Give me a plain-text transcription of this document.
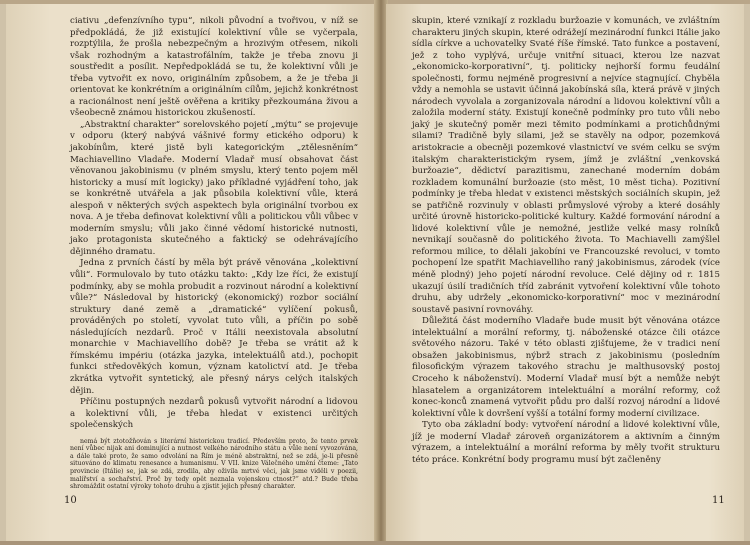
ciativu „defenzívního typu“, nikoli původní a tvořivou, v níž se předpokládá, že již existující kolektivní vůle se vyčerpala, rozptýlila, že prošla nebezpečným a hrozivým otřesem, nikoli však rozhodným a katastrofálním, takže je třeba znovu ji soustředit a posílit. Nepředpokládá se tu, že kolektivní vůli je třeba vytvořit ex novo, originálním způsobem, a že je třeba ji orientovat ke konkrétním a originálním cílům, jejichž konkrétnost a racionálnost není ještě ověřena a kritiky přezkoumána živou a všeobecně známou historickou zkušeností.

„Abstraktní charakter“ sorelovského pojetí „mýtu“ se projevuje v odporu (který nabývá vášnivé formy etického odporu) k jakobínům, které jistě byli kategorickým „ztělesněním“ Machiavellino Vladaře. Moderní Vladař musí obsahovat část věnovanou jakobinismu (v plném smyslu, který tento pojem měl historicky a musí mít logicky) jako příkladné vyjádření toho, jak se konkrétně utvářela a jak působila kolektivní vůle, která alespoň v některých svých aspektech byla originální tvorbou ex nova. A je třeba definovat kolektivní vůli a politickou vůli vůbec v moderním smyslu; vůli jako činné vědomí historické nutnosti, jako protagonista skutečného a faktický se odehrávajícího dějinného dramatu.

Jedna z prvních částí by měla být právě věnována „kolektivní vůli“. Formulovalo by tuto otázku takto: „Kdy lze říci, že existují podmínky, aby se mohla probudit a rozvinout národní a kolektivní vůle?“ Následoval by historický (ekonomický) rozbor sociální struktury dané země a „dramatické“ vylíčení pokusů, prováděných po století, vyvolat tuto vůli, a příčin po sobě následujících nezdarů. Proč v Itálii neexistovala absolutní monarchie v Machiavellího době? Je třeba se vrátit až k římskému impériu (otázka jazyka, intelektuálů atd.), pochopit funkci středověkých komun, význam katolictví atd. Je třeba zkrátka vytvořit syntetický, ale přesný nárys celých italských dějin.

Příčinu postupných nezdarů pokusů vytvořit národní a lidovou a kolektivní vůli, je třeba hledat v existenci určitých společenských

nemá být ztotožňován s literární historickou tradicí. Především proto, že tento prvek není vůbec nijak ani dominující a nutnost velkého národního státu a vůle není vyvozována, a dále také proto, že samo odvolání na Řím je méně abstraktní, než se zdá, je-li přesně situováno do klimatu renesance a humanismu. V VII. knize Válečného umění čteme: „Tato provincie (Itálie) se, jak se zdá, zrodila, aby oživila mrtvé věci, jak jsme viděli v poezii, malířství a sochařství. Proč by tedy opět neznala vojenskou ctnost?“ atd.? Bude třeba shromáždit ostatní výroky tohoto druhu a zjistit jejich přesný charakter.

10

skupin, které vznikají z rozkladu buržoazie v komunách, ve zvláštním charakteru jiných skupin, které odrážejí mezinárodní funkci Itálie jako sídla církve a uchovatelky Svaté říše římské. Tato funkce a postavení, jež z toho vyplývá, určuje vnitřní situaci, kterou lze nazvat „ekonomicko-korporativní“, tj. politicky nejhorší formu feudální společnosti, formu nejméně progresivní a nejvíce stagnující. Chyběla vždy a nemohla se ustavit účinná jakobínská síla, která právě v jiných národech vyvolala a zorganizovala národní a lidovou kolektivní vůli a založila moderní státy. Existují konečně podmínky pro tuto vůli nebo jaký je skutečný poměr mezi těmito podmínkami a protichůdnými silami? Tradičně byly silami, jež se stavěly na odpor, pozemková aristokracie a obecněji pozemkové vlastnictví ve svém celku se svým italským charakteristickým rysem, jímž je zvláštní „venkovská buržoazie“, dědictví parazitismu, zanechané moderním dobám rozkladem komunální buržoazie (sto měst, 10 měst ticha). Pozitivní podmínky je třeba hledat v existenci městských sociálních skupin, jež se patřičně rozvinuly v oblasti průmyslové výroby a které dosáhly určité úrovně historicko-politické kultury. Každé formování národní a lidové kolektivní vůle je nemožné, jestliže velké masy rolníků nevnikají současně do politického života. To Machiavelli zamýšlel reformou milice, to dělali jakobíni ve Francouzské revoluci, v tomto pochopení lze spatřit Machiavelliho raný jakobinismus, zárodek (více méně plodný) jeho pojetí národní revoluce. Celé dějiny od r. 1815 ukazují úsilí tradičních tříd zabránit vytvoření kolektivní vůle tohoto druhu, aby udržely „ekonomicko-korporativní“ moc v mezinárodní soustavě pasivní rovnováhy.

Důležitá část moderního Vladaře bude musit být věnována otázce intelektuální a morální reformy, tj. náboženské otázce čili otázce světového názoru. Také v této oblasti zjišťujeme, že v tradici není obsažen jakobinismus, nýbrž strach z jakobinismu (posledním filosofickým výrazem takového strachu je malthusovský postoj Croceho k náboženství). Moderní Vladař musí být a nemůže nebýt hlasatelem a organizátorem intelektuální a morální reformy, což konec-konců znamená vytvořit půdu pro další rozvoj národní a lidové kolektivní vůle k dovršení vyšší a totální formy moderní civilizace.

Tyto oba základní body: vytvoření národní a lidové kolektivní vůle, jíž je moderní Vladař zároveň organizátorem a aktivním a činným výrazem, a intelektuální a morální reforma by měly tvořit strukturu této práce. Konkrétní body programu musí být začleněny

11
